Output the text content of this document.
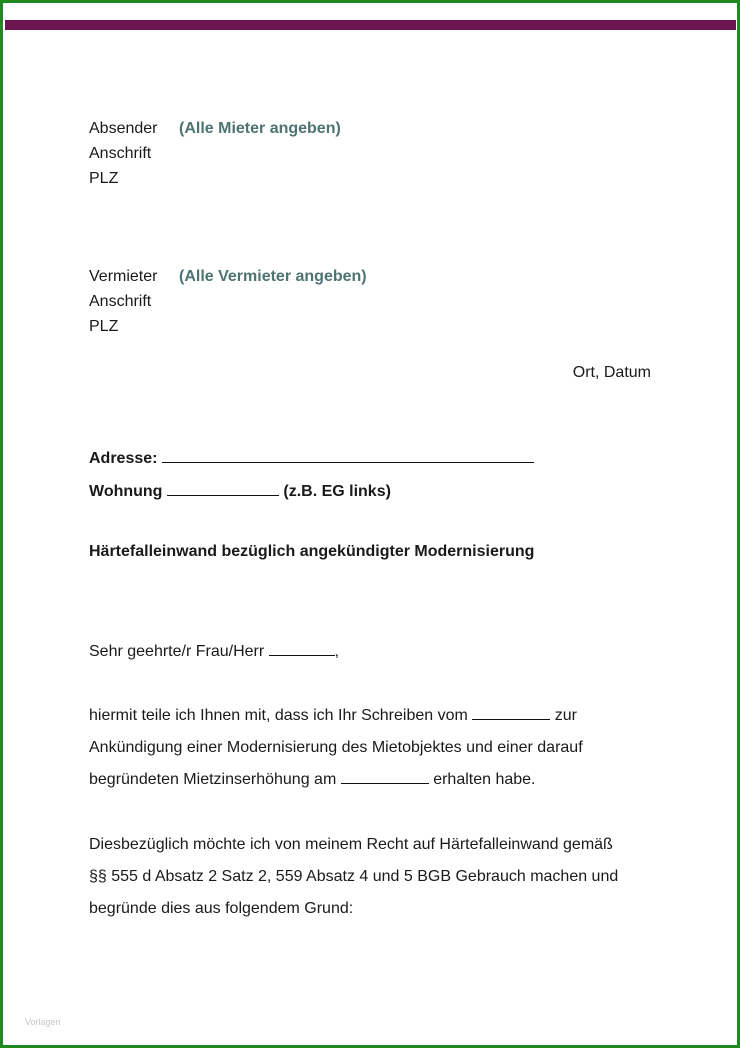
Absender	(Alle Mieter angeben)
Anschrift
PLZ
Vermieter	(Alle Vermieter angeben)
Anschrift
PLZ
Ort, Datum
Adresse:
Wohnung	(z.B. EG links)
Härtefalleinwand bezüglich angekündigter Modernisierung
Sehr geehrte/r Frau/Herr	,
hiermit teile ich Ihnen mit, dass ich Ihr Schreiben vom	zur
Ankündigung einer Modernisierung des Mietobjektes und einer darauf
begründeten Mietzinserhöhung am	erhalten habe.
Diesbezüglich möchte ich von meinem Recht auf Härtefalleinwand gemäß
§§ 555 d Absatz 2 Satz 2, 559 Absatz 4 und 5 BGB Gebrauch machen und
begründe dies aus folgendem Grund:
Vorlagen
